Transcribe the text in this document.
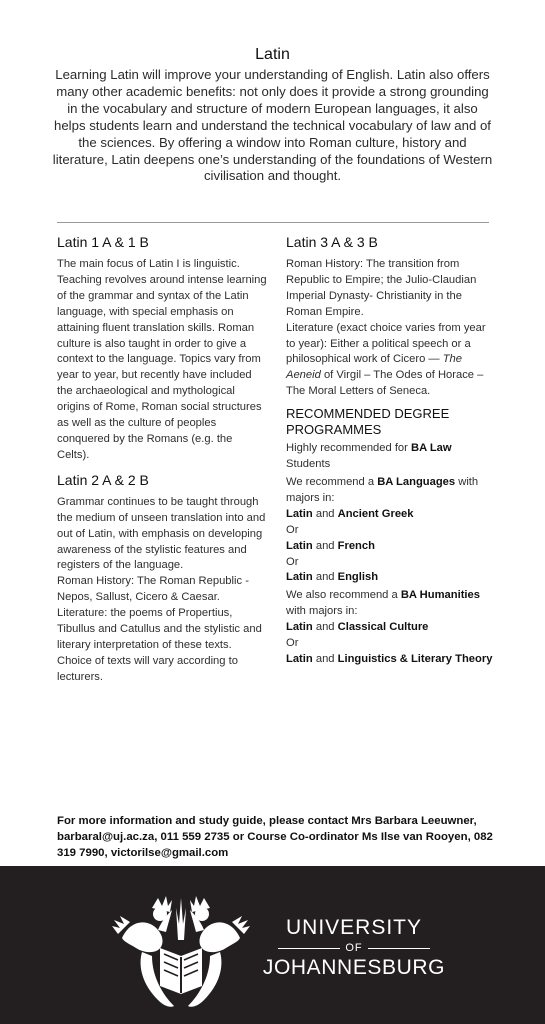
Latin
Learning Latin will improve your understanding of English. Latin also offers many other academic benefits: not only does it provide a strong grounding in the vocabulary and structure of modern European languages, it also helps students learn and understand the technical vocabulary of law and of the sciences. By offering a window into Roman culture, history and literature, Latin deepens one’s understanding of the foundations of Western civilisation and thought.
Latin 1 A & 1 B
The main focus of Latin I is linguistic. Teaching revolves around intense learning of the grammar and syntax of the Latin language, with special emphasis on attaining fluent translation skills. Roman culture is also taught in order to give a context to the language. Topics vary from year to year, but recently have included the archaeological and mythological origins of Rome, Roman social structures as well as the culture of peoples conquered by the Romans (e.g. the Celts).
Latin 2 A & 2 B
Grammar continues to be taught through the medium of unseen translation into and out of Latin, with emphasis on developing awareness of the stylistic features and registers of the language.
Roman History: The Roman Republic - Nepos, Sallust, Cicero & Caesar.
Literature: the poems of Propertius, Tibullus and Catullus and the stylistic and literary interpretation of these texts.
Choice of texts will vary according to lecturers.
Latin 3 A & 3 B
Roman History: The transition from Republic to Empire; the Julio-Claudian Imperial Dynasty- Christianity in the Roman Empire.
Literature (exact choice varies from year to year): Either a political speech or a philosophical work of Cicero — The Aeneid of Virgil – The Odes of Horace – The Moral Letters of Seneca.
RECOMMENDED DEGREE PROGRAMMES
Highly recommended for BA Law Students
We recommend a BA Languages with majors in:
Latin and Ancient Greek
Or
Latin and French
Or
Latin and English
We also recommend a BA Humanities with majors in:
Latin and Classical Culture
Or
Latin and Linguistics & Literary Theory
For more information and study guide, please contact Mrs Barbara Leeuwner, barbaral@uj.ac.za, 011 559 2735 or Course Co-ordinator Ms Ilse van Rooyen, 082 319 7990, victorilse@gmail.com
UNIVERSITY
OF
JOHANNESBURG
